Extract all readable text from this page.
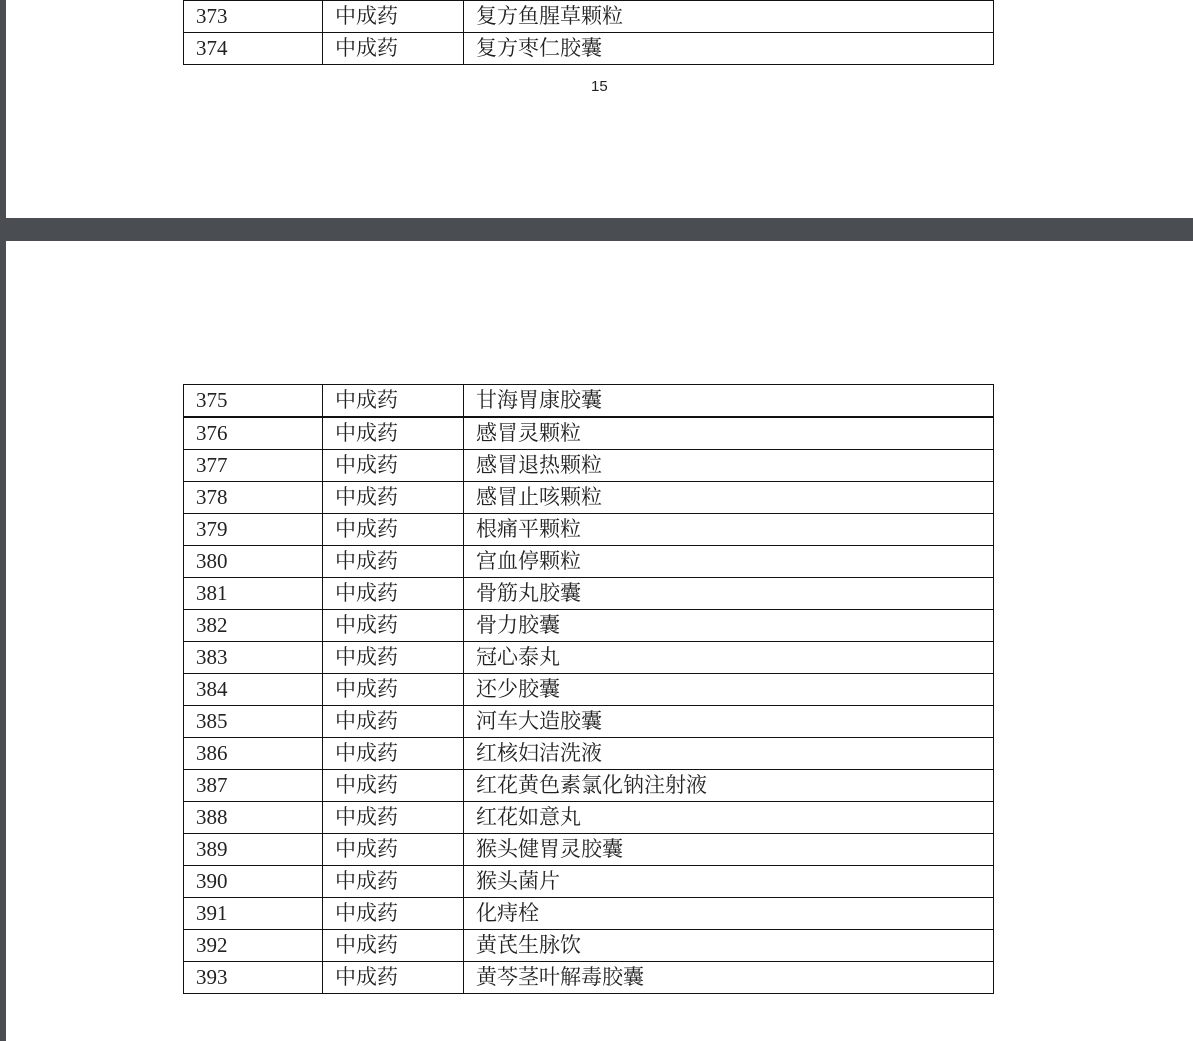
373	中成药	复方鱼腥草颗粒
374	中成药	复方枣仁胶囊
15
375	中成药	甘海胃康胶囊
376	中成药	感冒灵颗粒
377	中成药	感冒退热颗粒
378	中成药	感冒止咳颗粒
379	中成药	根痛平颗粒
380	中成药	宫血停颗粒
381	中成药	骨筋丸胶囊
382	中成药	骨力胶囊
383	中成药	冠心泰丸
384	中成药	还少胶囊
385	中成药	河车大造胶囊
386	中成药	红核妇洁洗液
387	中成药	红花黄色素氯化钠注射液
388	中成药	红花如意丸
389	中成药	猴头健胃灵胶囊
390	中成药	猴头菌片
391	中成药	化痔栓
392	中成药	黄芪生脉饮
393	中成药	黄芩茎叶解毒胶囊
